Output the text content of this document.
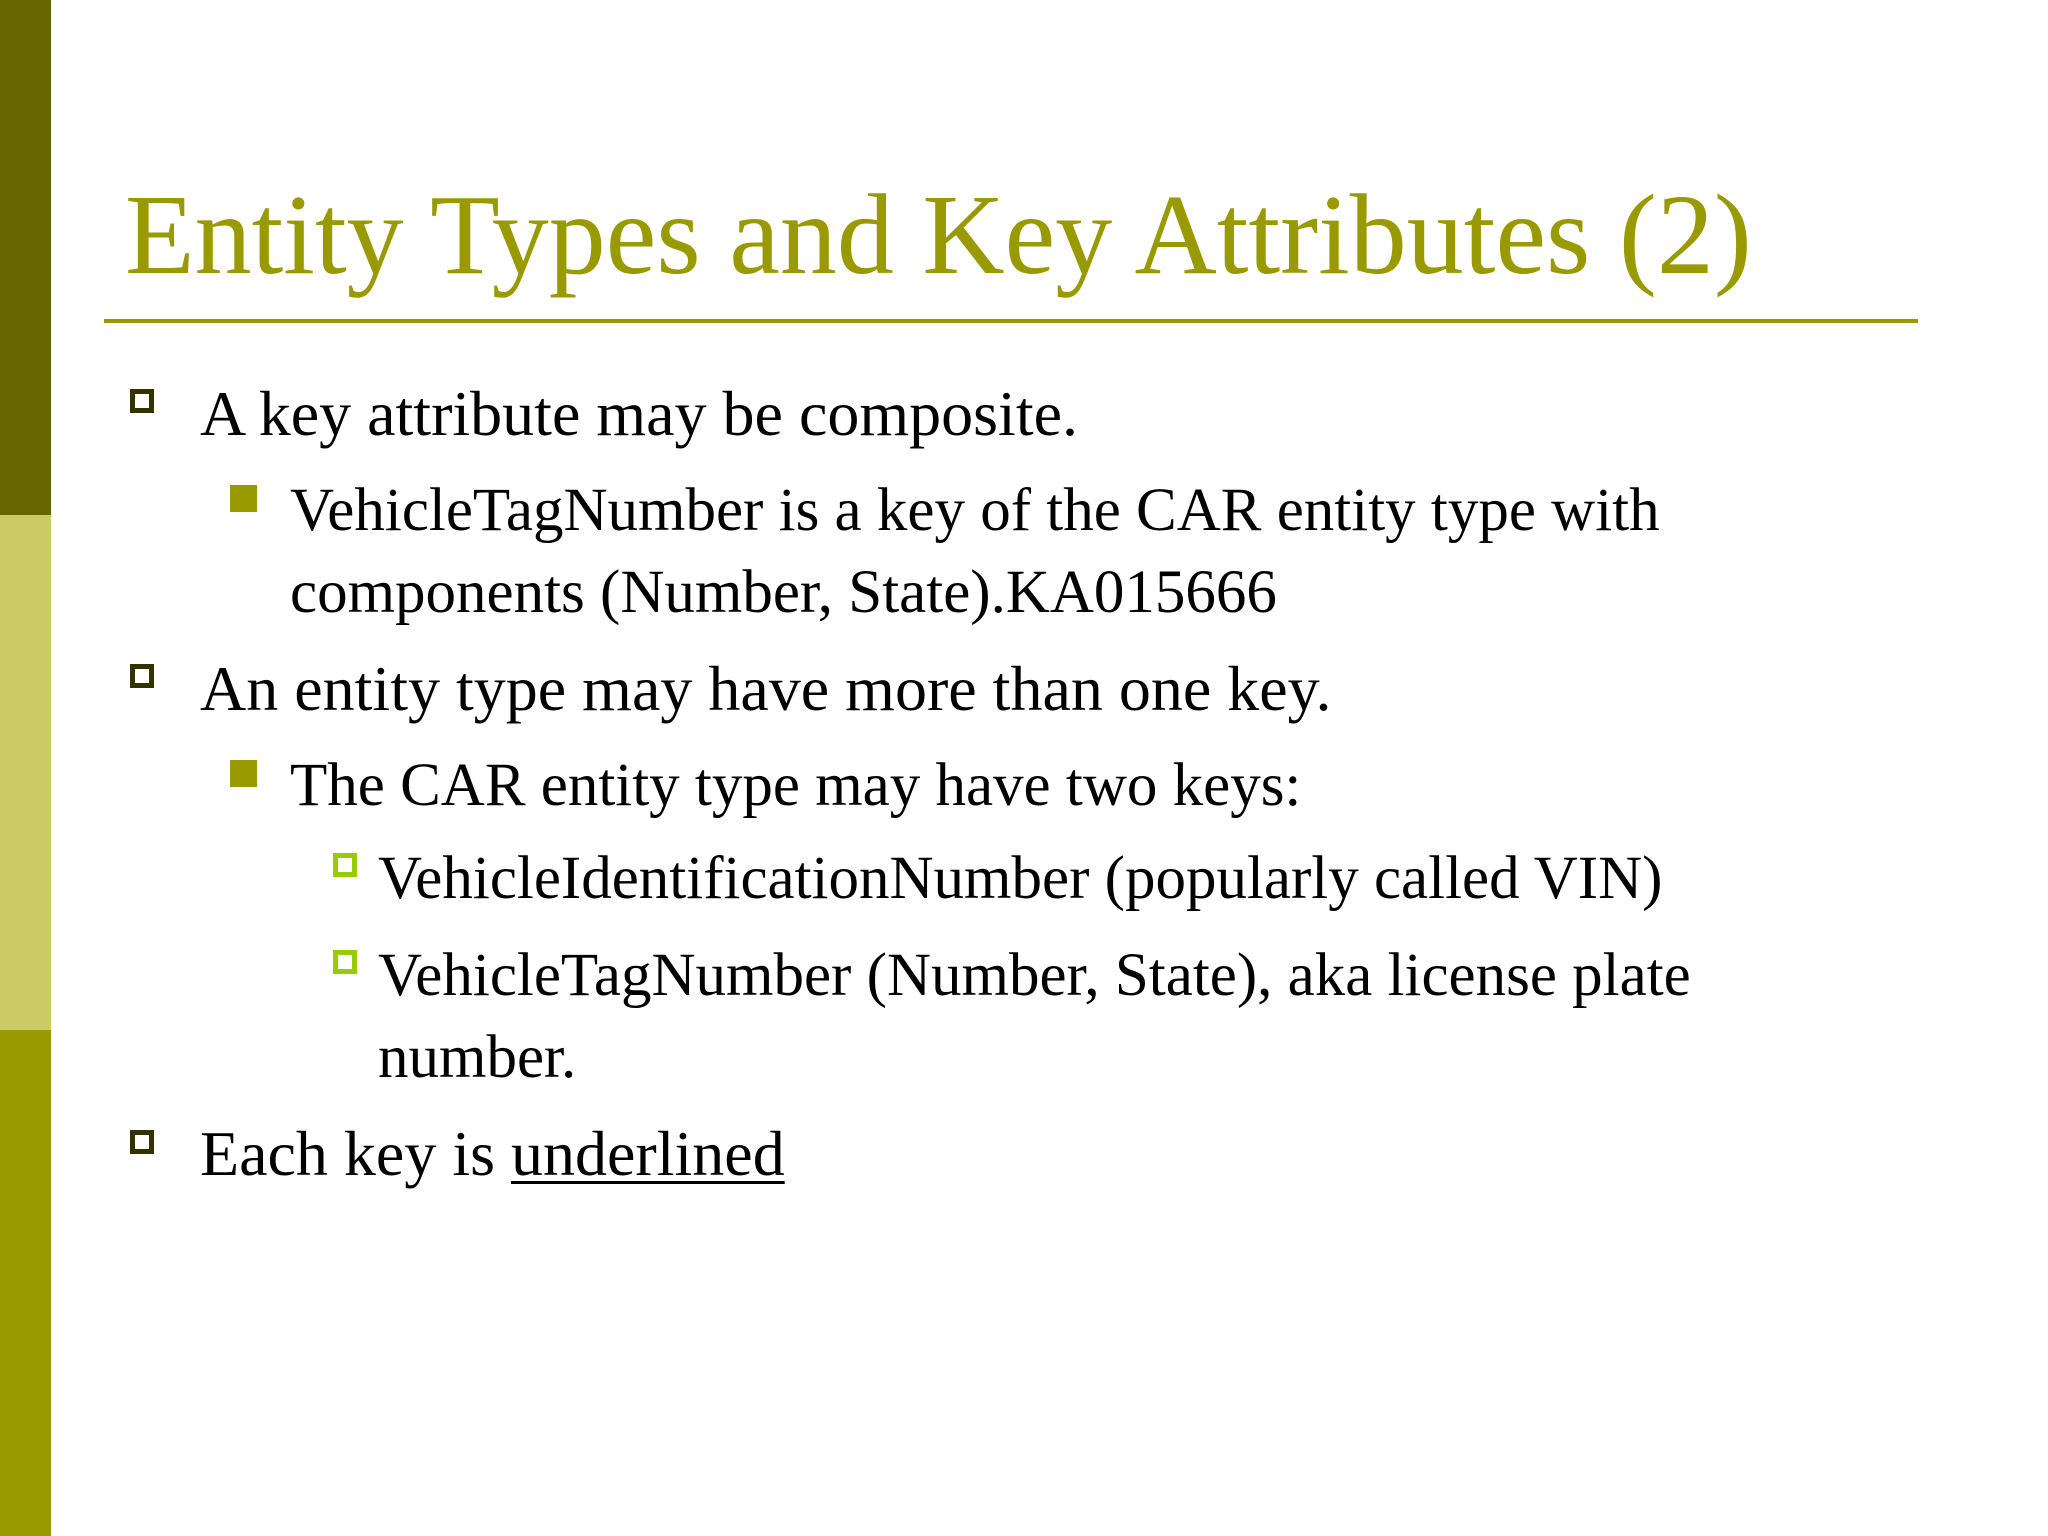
Entity Types and Key Attributes (2)
A key attribute may be composite.
VehicleTagNumber is a key of the CAR entity type with
components (Number, State).KA015666
An entity type may have more than one key.
The CAR entity type may have two keys:
VehicleIdentificationNumber (popularly called VIN)
VehicleTagNumber (Number, State), aka license plate
number.
Each key is underlined
